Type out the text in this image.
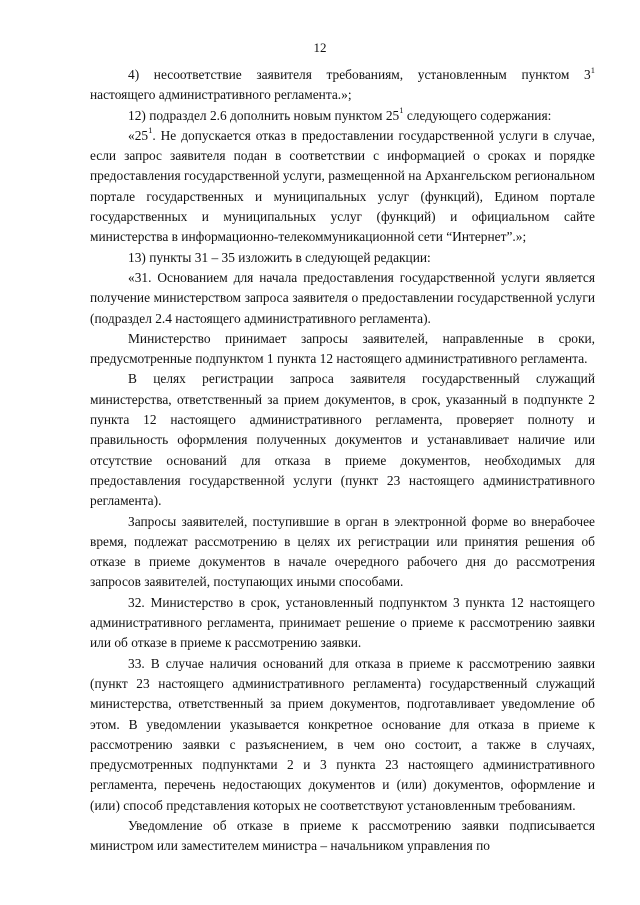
12

4) несоответствие заявителя требованиям, установленным пунктом $3^1$ настоящего административного регламента.»;

12) подраздел 2.6 дополнить новым пунктом $25^1$ следующего содержания:

«$25^1$. Не допускается отказ в предоставлении государственной услуги в случае, если запрос заявителя подан в соответствии с информацией о сроках и порядке предоставления государственной услуги, размещенной на Архангельском региональном портале государственных и муниципальных услуг (функций), Едином портале государственных и муниципальных услуг (функций) и официальном сайте министерства в информационно-телекоммуникационной сети “Интернет”.»;

13) пункты 31 – 35 изложить в следующей редакции:

«31. Основанием для начала предоставления государственной услуги является получение министерством запроса заявителя о предоставлении государственной услуги (подраздел 2.4 настоящего административного регламента).

Министерство принимает запросы заявителей, направленные в сроки, предусмотренные подпунктом 1 пункта 12 настоящего административного регламента.

В целях регистрации запроса заявителя государственный служащий министерства, ответственный за прием документов, в срок, указанный в подпункте 2 пункта 12 настоящего административного регламента, проверяет полноту и правильность оформления полученных документов и устанавливает наличие или отсутствие оснований для отказа в приеме документов, необходимых для предоставления государственной услуги (пункт 23 настоящего административного регламента).

Запросы заявителей, поступившие в орган в электронной форме во внерабочее время, подлежат рассмотрению в целях их регистрации или принятия решения об отказе в приеме документов в начале очередного рабочего дня до рассмотрения запросов заявителей, поступающих иными способами.

32. Министерство в срок, установленный подпунктом 3 пункта 12 настоящего административного регламента, принимает решение о приеме к рассмотрению заявки или об отказе в приеме к рассмотрению заявки.

33. В случае наличия оснований для отказа в приеме к рассмотрению заявки (пункт 23 настоящего административного регламента) государственный служащий министерства, ответственный за прием документов, подготавливает уведомление об этом. В уведомлении указывается конкретное основание для отказа в приеме к рассмотрению заявки с разъяснением, в чем оно состоит, а также в случаях, предусмотренных подпунктами 2 и 3 пункта 23 настоящего административного регламента, перечень недостающих документов и (или) документов, оформление и (или) способ представления которых не соответствуют установленным требованиям.

Уведомление об отказе в приеме к рассмотрению заявки подписывается министром или заместителем министра – начальником управления по
